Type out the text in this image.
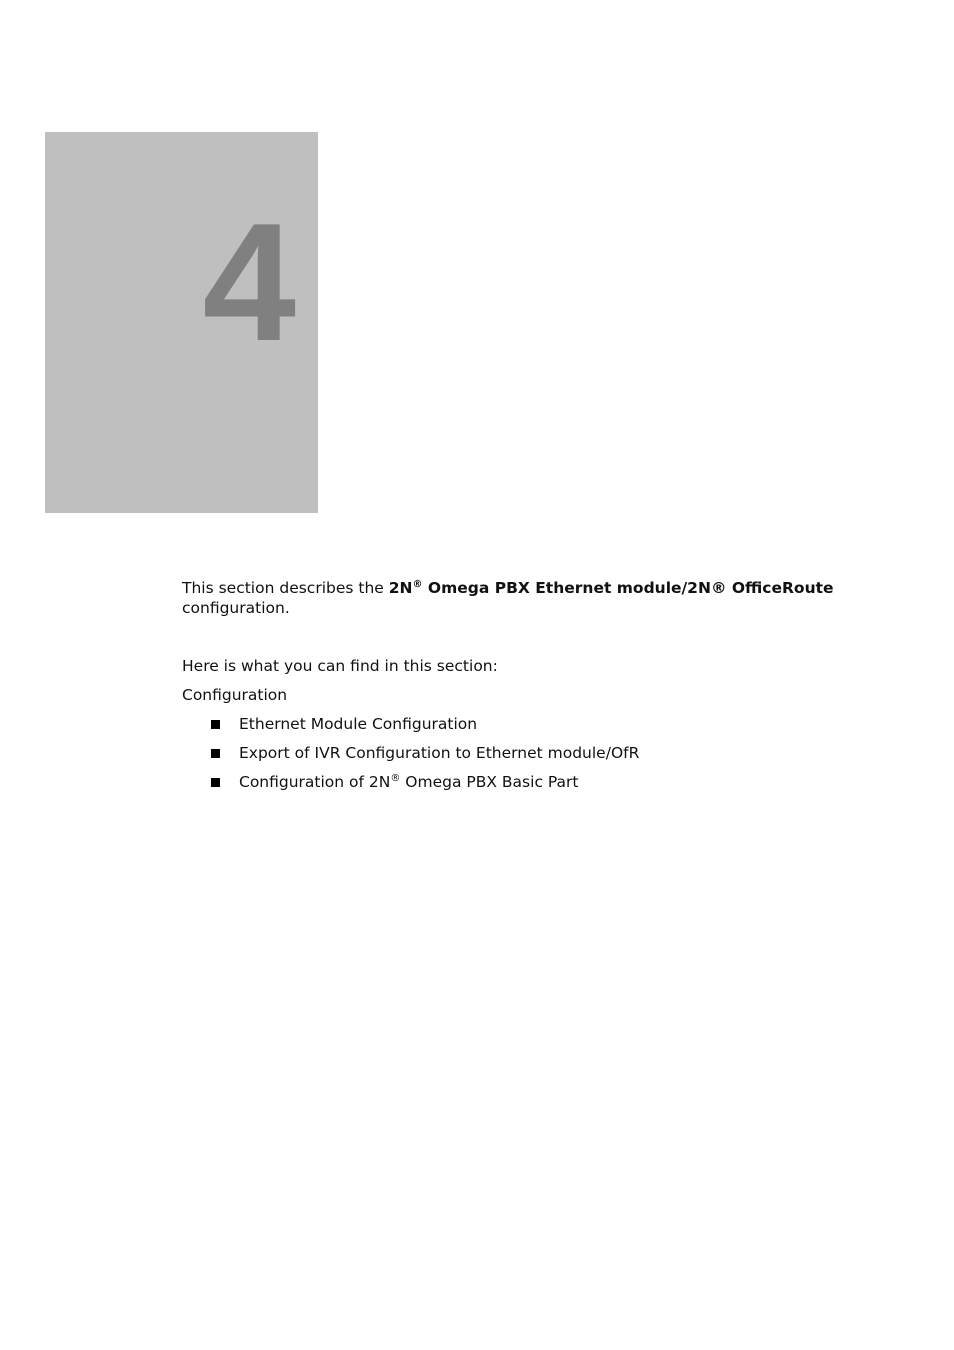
4

This section describes the 2N® Omega PBX Ethernet module/2N® OfficeRoute configuration.

Here is what you can find in this section:

Configuration

Ethernet Module Configuration
Export of IVR Configuration to Ethernet module/OfR
Configuration of 2N® Omega PBX Basic Part
